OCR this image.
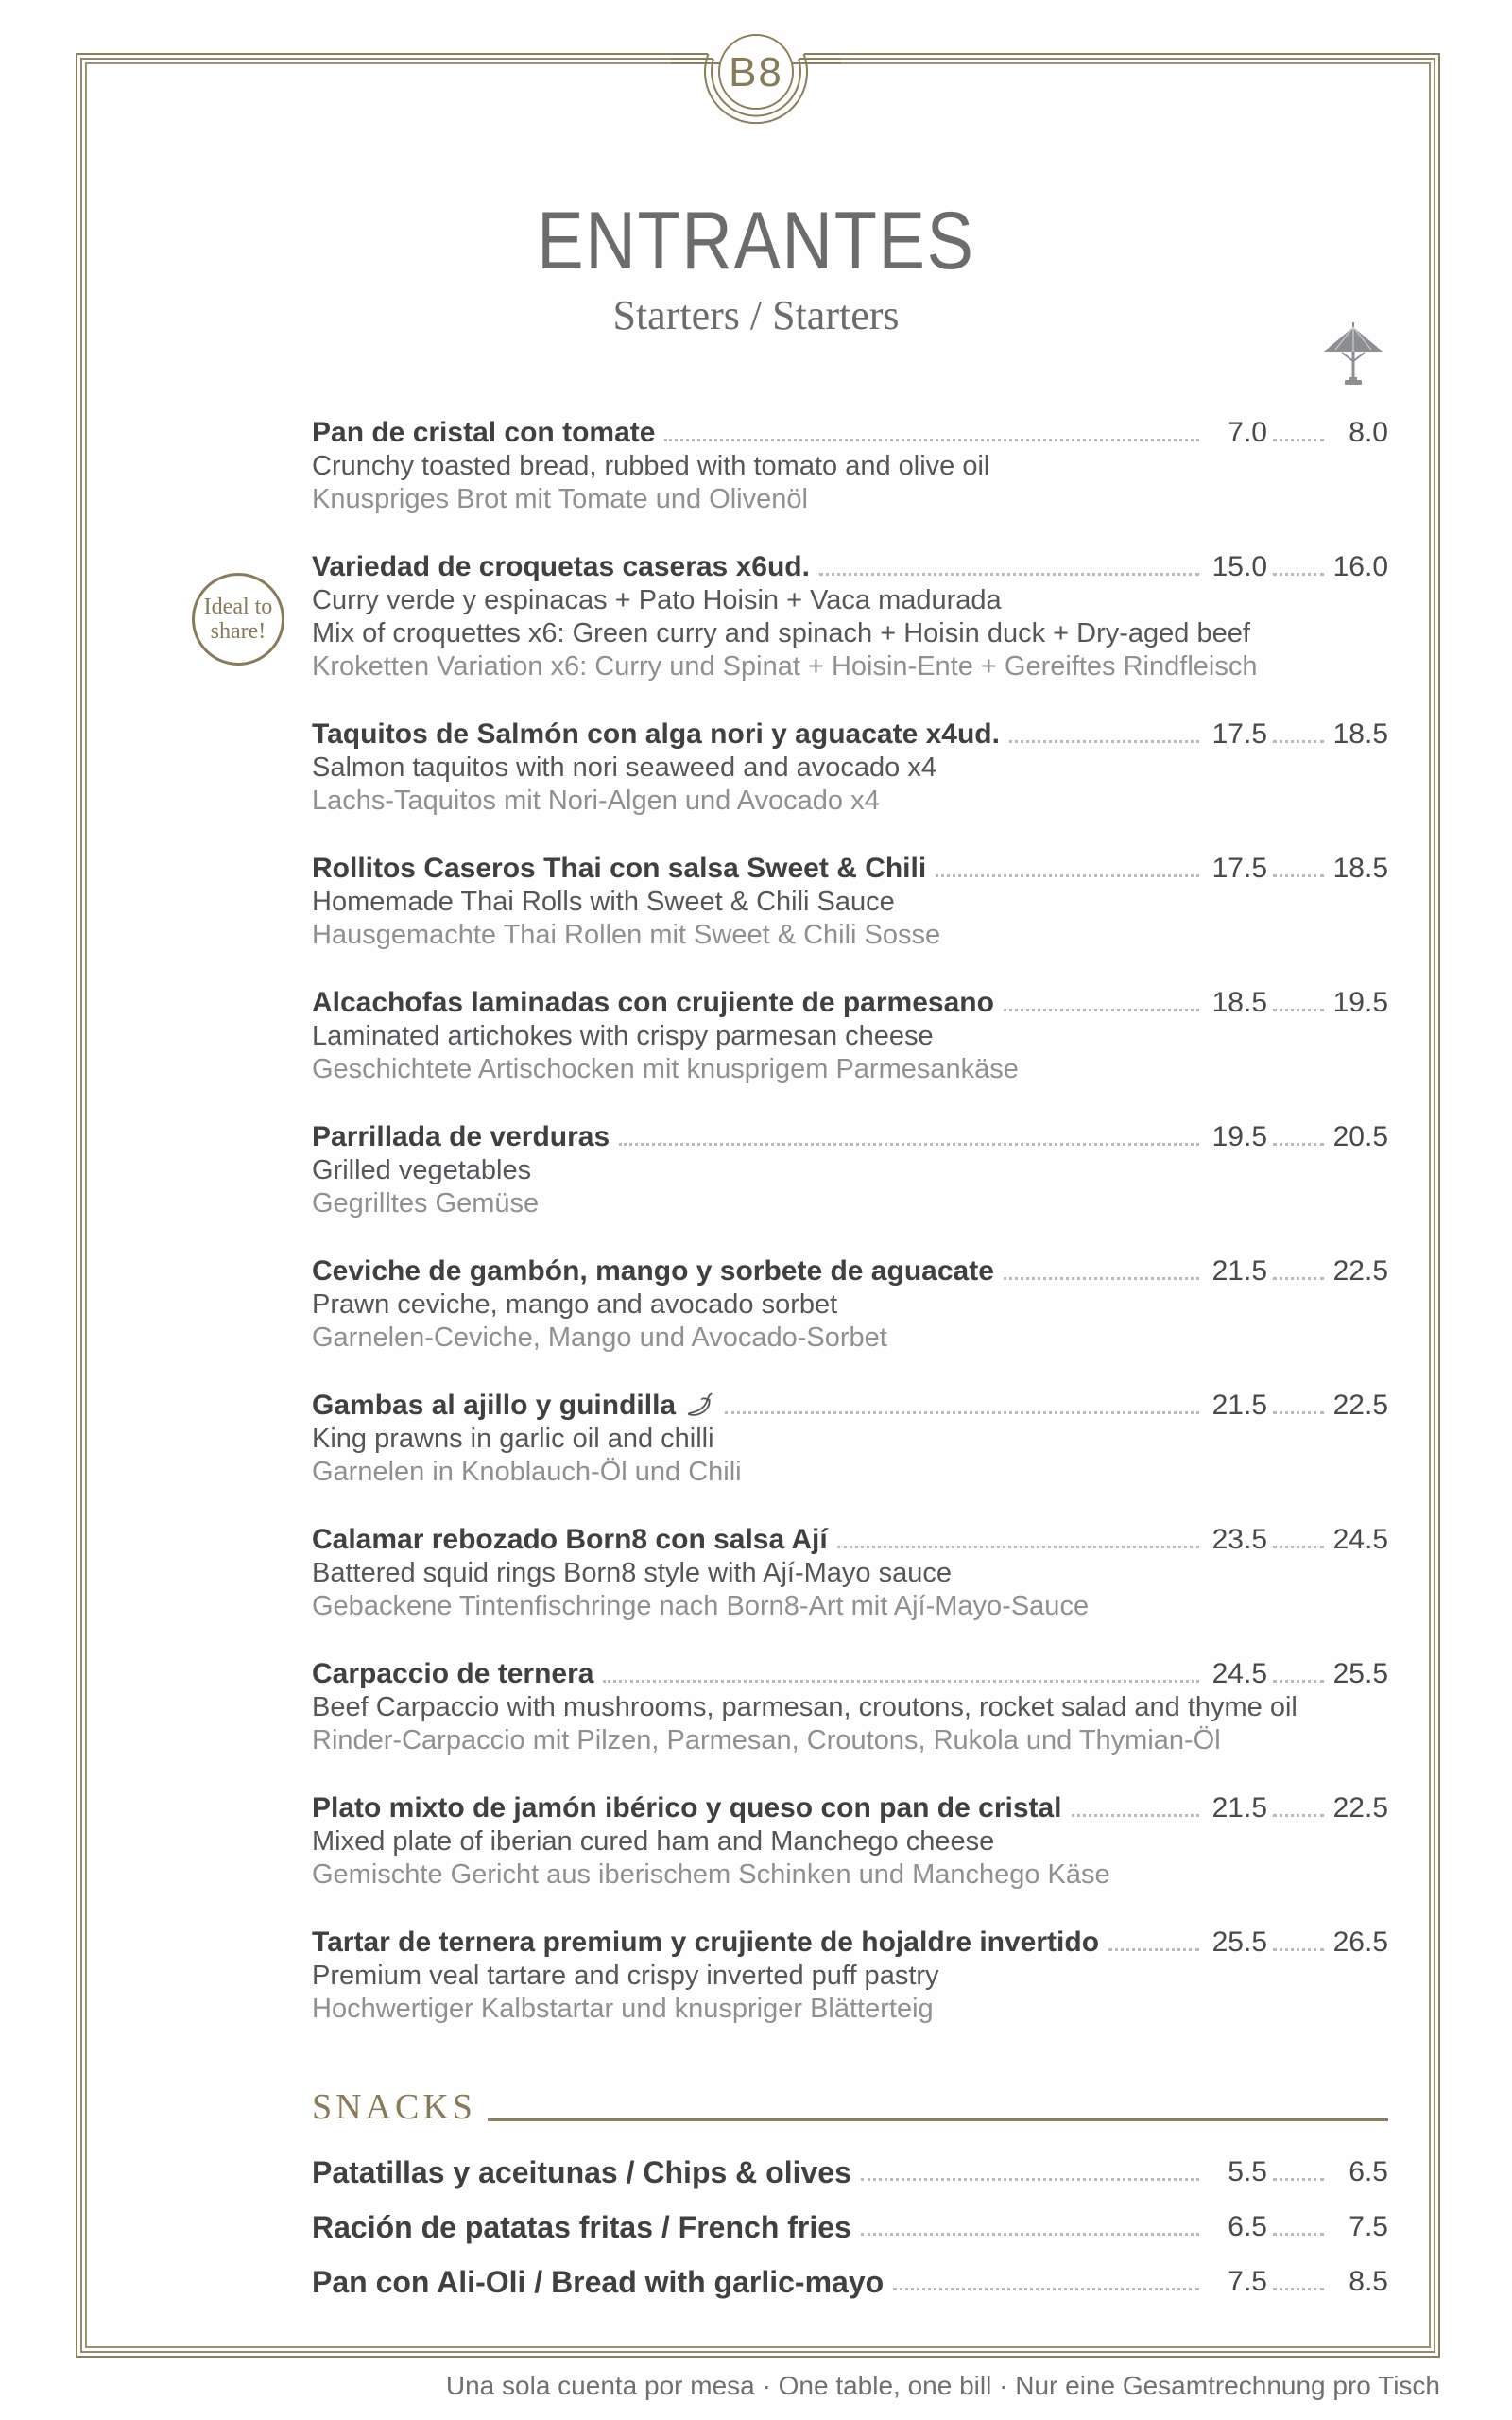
B8
ENTRANTES

Starters / Starters

Ideal to
share!
Pan de cristal con tomate	7.0	8.0
Crunchy toasted bread, rubbed with tomato and olive oil
Knuspriges Brot mit Tomate und Olivenöl
Variedad de croquetas caseras x6ud.	15.0 16.0
Curry verde y espinacas + Pato Hoisin + Vaca madurada
Mix of croquettes x6: Green curry and spinach + Hoisin duck + Dry-aged beef
Kroketten Variation x6: Curry und Spinat + Hoisin-Ente + Gereiftes Rindfleisch
Taquitos de Salmón con alga nori y aguacate x4ud.	17.5 18.5
Salmon taquitos with nori seaweed and avocado x4
Lachs-Taquitos mit Nori-Algen und Avocado x4
Rollitos Caseros Thai con salsa Sweet & Chili	17.5 18.5
Homemade Thai Rolls with Sweet & Chili Sauce
Hausgemachte Thai Rollen mit Sweet & Chili Sosse
Alcachofas laminadas con crujiente de parmesano	18.5 19.5
Laminated artichokes with crispy parmesan cheese
Geschichtete Artischocken mit knusprigem Parmesankäse
Parrillada de verduras	19.5 20.5
Grilled vegetables
Gegrilltes Gemüse
Ceviche de gambón, mango y sorbete de aguacate	21.5 22.5
Prawn ceviche, mango and avocado sorbet
Garnelen-Ceviche, Mango und Avocado-Sorbet
Gambas al ajillo y guindilla	21.5 22.5
King prawns in garlic oil and chilli
Garnelen in Knoblauch-Öl und Chili
Calamar rebozado Born8 con salsa Ají	23.5 24.5
Battered squid rings Born8 style with Ají-Mayo sauce
Gebackene Tintenfischringe nach Born8-Art mit Ají-Mayo-Sauce
Carpaccio de ternera	24.5 25.5
Beef Carpaccio with mushrooms, parmesan, croutons, rocket salad and thyme oil
Rinder-Carpaccio mit Pilzen, Parmesan, Croutons, Rukola und Thymian-Öl
Plato mixto de jamón ibérico y queso con pan de cristal	21.5 22.5
Mixed plate of iberian cured ham and Manchego cheese
Gemischte Gericht aus iberischem Schinken und Manchego Käse
Tartar de ternera premium y crujiente de hojaldre invertido	25.5 26.5
Premium veal tartare and crispy inverted puff pastry
Hochwertiger Kalbstartar und knuspriger Blätterteig
SNACKS
Patatillas y aceitunas / Chips & olives	5.5	6.5
Ración de patatas fritas / French fries	6.5	7.5
Pan con Ali-Oli / Bread with garlic-mayo	7.5	8.5
Una sola cuenta por mesa · One table, one bill · Nur eine Gesamtrechnung pro Tisch
